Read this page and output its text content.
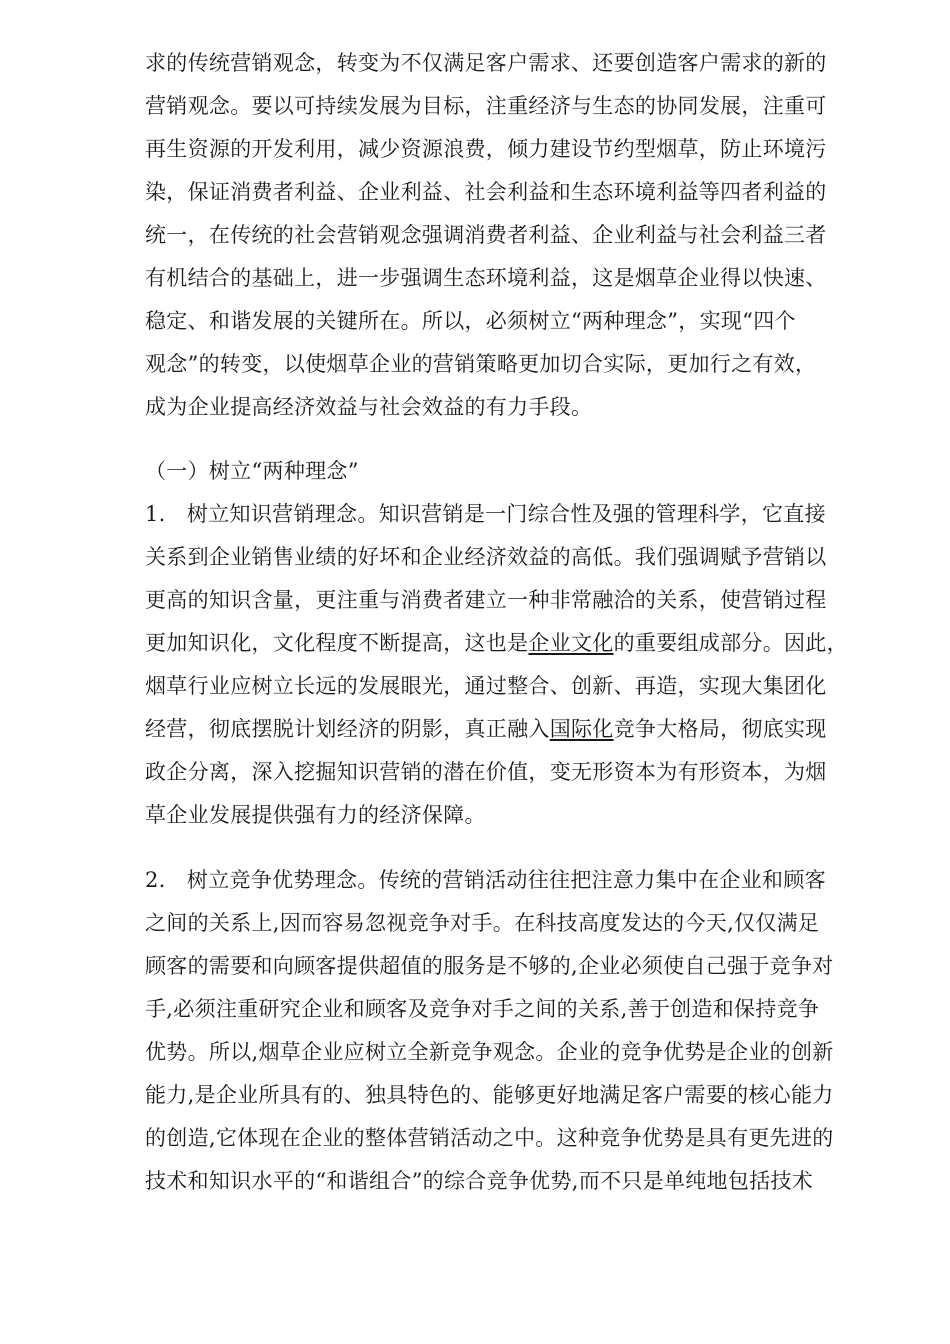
求的传统营销观念，转变为不仅满足客户需求、还要创造客户需求的新的
营销观念。要以可持续发展为目标，注重经济与生态的协同发展，注重可
再生资源的开发利用，减少资源浪费，倾力建设节约型烟草，防止环境污
染，保证消费者利益、企业利益、社会利益和生态环境利益等四者利益的
统一，在传统的社会营销观念强调消费者利益、企业利益与社会利益三者
有机结合的基础上，进一步强调生态环境利益，这是烟草企业得以快速、
稳定、和谐发展的关键所在。所以，必须树立“两种理念”，实现“四个
观念”的转变，以使烟草企业的营销策略更加切合实际，更加行之有效，
成为企业提高经济效益与社会效益的有力手段。
（一）树立“两种理念”
1.　树立知识营销理念。知识营销是一门综合性及强的管理科学，它直接
关系到企业销售业绩的好坏和企业经济效益的高低。我们强调赋予营销以
更高的知识含量，更注重与消费者建立一种非常融洽的关系，使营销过程
更加知识化，文化程度不断提高，这也是企业文化的重要组成部分。因此，
烟草行业应树立长远的发展眼光，通过整合、创新、再造，实现大集团化
经营，彻底摆脱计划经济的阴影，真正融入国际化竞争大格局，彻底实现
政企分离，深入挖掘知识营销的潜在价值，变无形资本为有形资本，为烟
草企业发展提供强有力的经济保障。
2.　树立竞争优势理念。传统的营销活动往往把注意力集中在企业和顾客
之间的关系上,因而容易忽视竞争对手。在科技高度发达的今天,仅仅满足
顾客的需要和向顾客提供超值的服务是不够的,企业必须使自己强于竞争对
手,必须注重研究企业和顾客及竞争对手之间的关系,善于创造和保持竞争
优势。所以,烟草企业应树立全新竞争观念。企业的竞争优势是企业的创新
能力,是企业所具有的、独具特色的、能够更好地满足客户需要的核心能力
的创造,它体现在企业的整体营销活动之中。这种竞争优势是具有更先进的
技术和知识水平的“和谐组合”的综合竞争优势,而不只是单纯地包括技术
